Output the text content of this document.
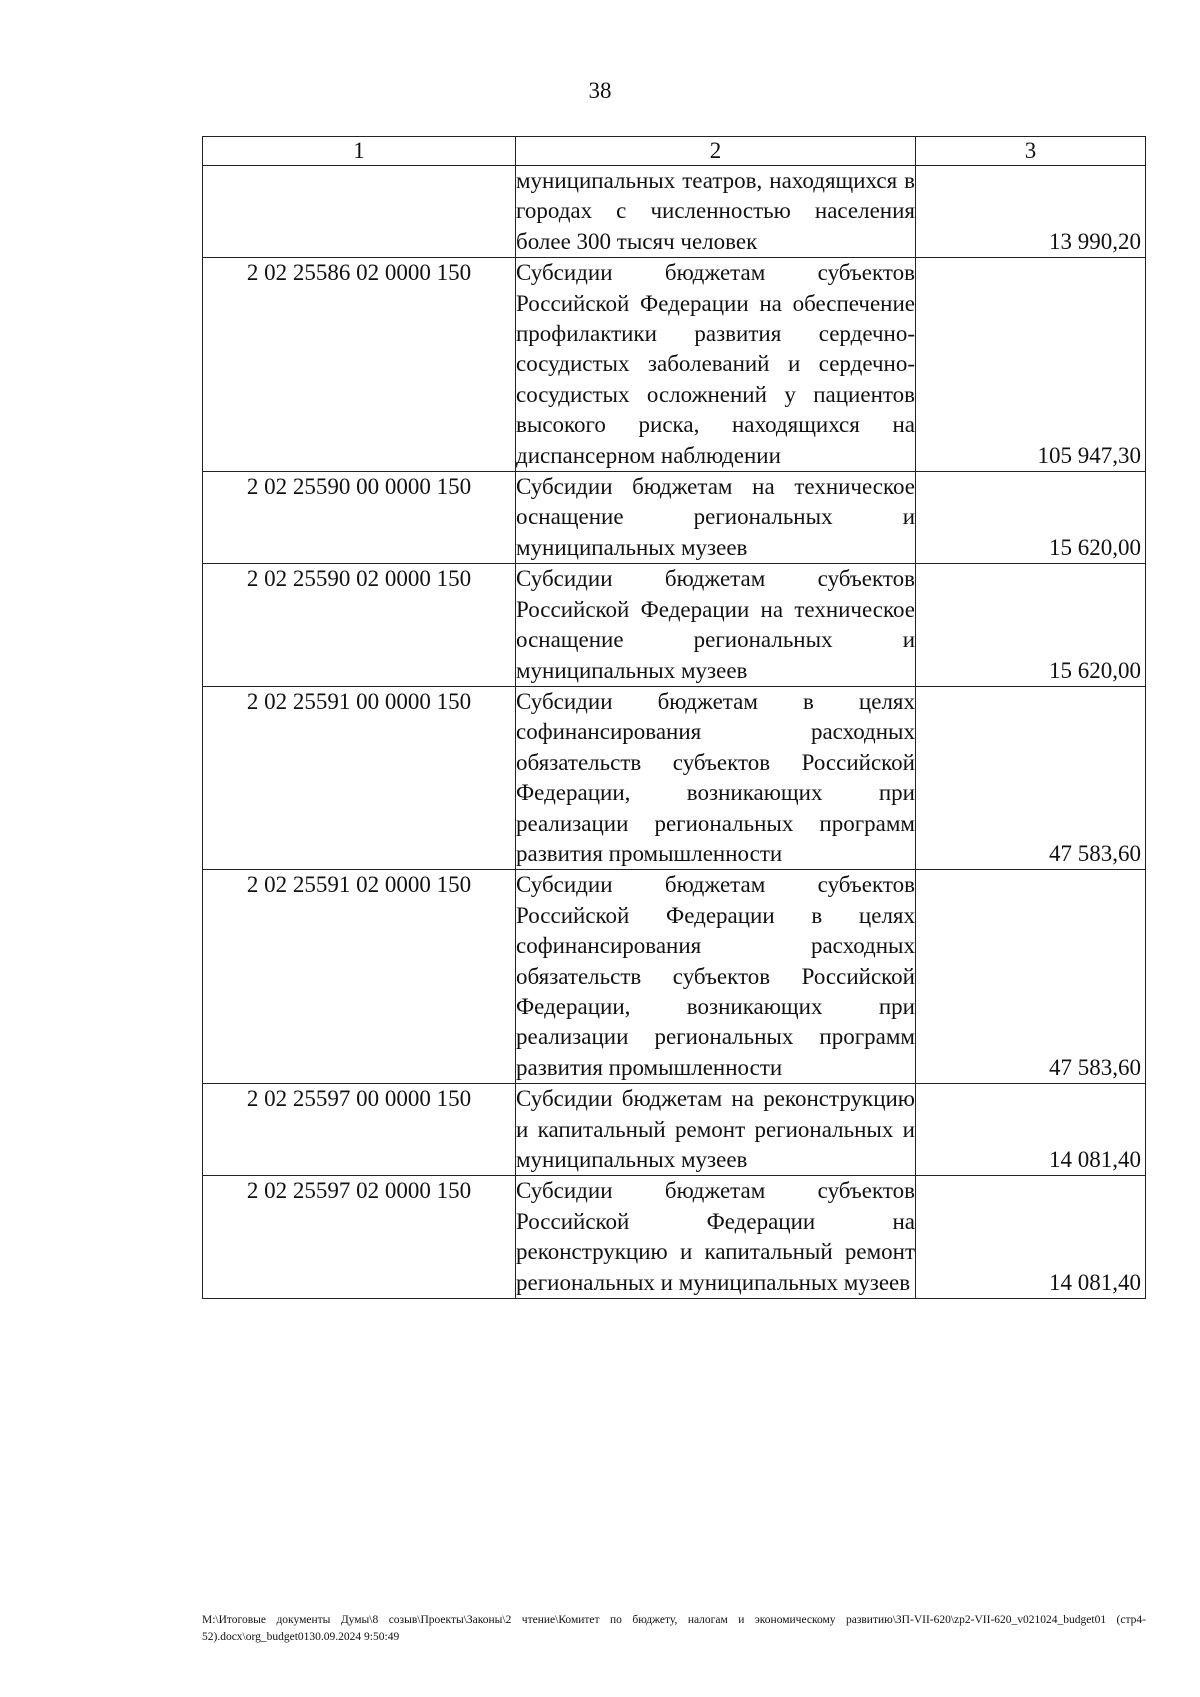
38
1	2	3
	муниципальных театров, находящихся в городах с численностью населения более 300 тысяч человек	13 990,20
2 02 25586 02 0000 150	Субсидии бюджетам субъектов Российской Федерации на обеспечение профилактики развития сердечно-сосудистых заболеваний и сердечно-сосудистых осложнений у пациентов высокого риска, находящихся на диспансерном наблюдении	105 947,30
2 02 25590 00 0000 150	Субсидии бюджетам на техническое оснащение региональных и муниципальных музеев	15 620,00
2 02 25590 02 0000 150	Субсидии бюджетам субъектов Российской Федерации на техническое оснащение региональных и муниципальных музеев	15 620,00
2 02 25591 00 0000 150	Субсидии бюджетам в целях софинансирования расходных обязательств субъектов Российской Федерации, возникающих при реализации региональных программ развития промышленности	47 583,60
2 02 25591 02 0000 150	Субсидии бюджетам субъектов Российской Федерации в целях софинансирования расходных обязательств субъектов Российской Федерации, возникающих при реализации региональных программ развития промышленности	47 583,60
2 02 25597 00 0000 150	Субсидии бюджетам на реконструкцию и капитальный ремонт региональных и муниципальных музеев	14 081,40
2 02 25597 02 0000 150	Субсидии бюджетам субъектов Российской Федерации на реконструкцию и капитальный ремонт региональных и муниципальных музеев	14 081,40
M:\Итоговые документы Думы\8 созыв\Проекты\Законы\2 чтение\Комитет по бюджету, налогам и экономическому развитию\ЗП-VII-620\zp2-VII-620_v021024_budget01 (стр4-52).docx\org_budget0130.09.2024 9:50:49
